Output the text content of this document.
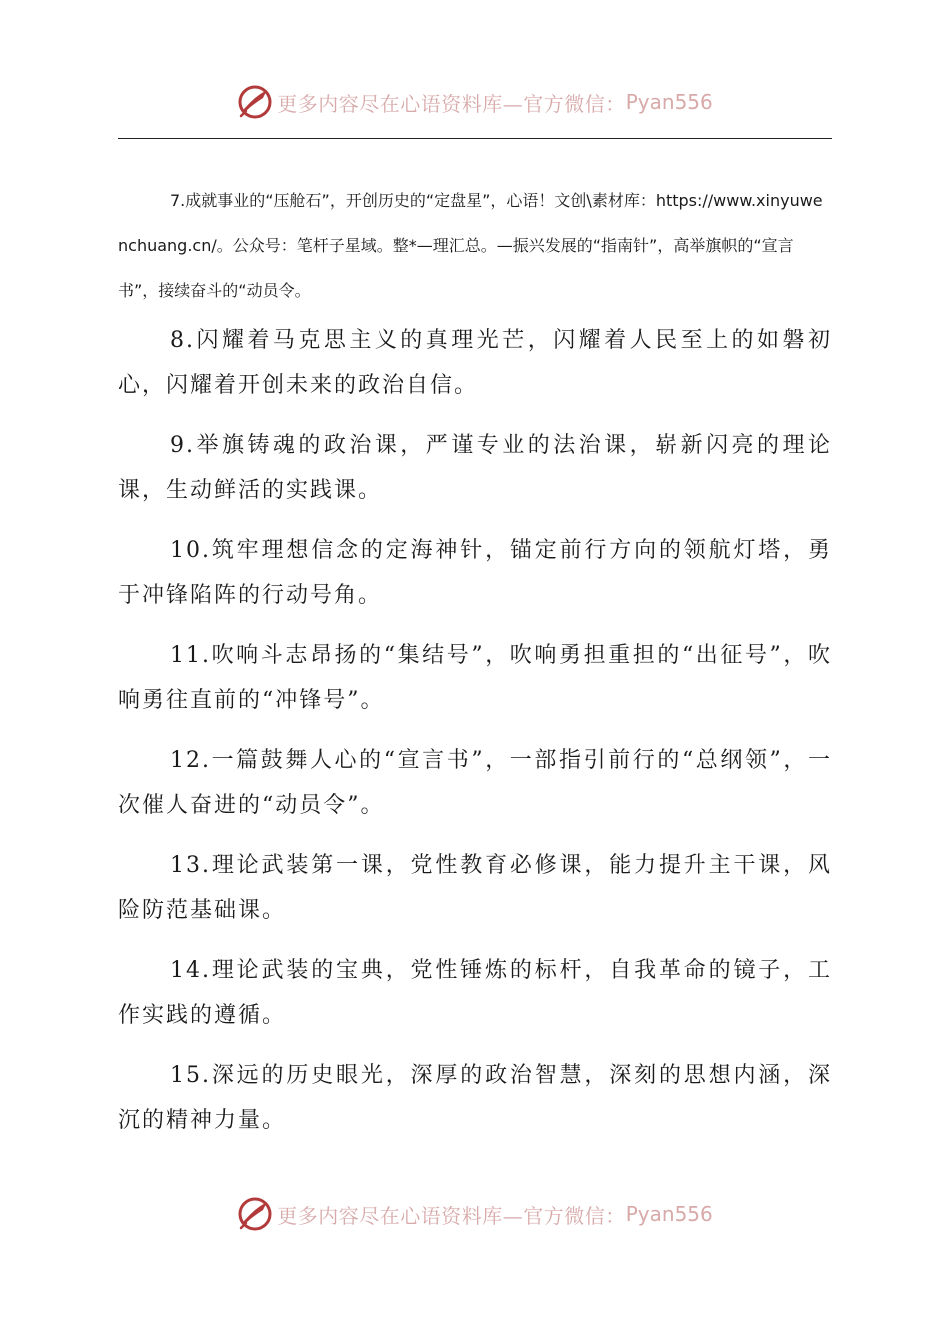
更多内容尽在心语资料库—官方微信： Pyan556

7.成就事业的“压舱石”，开创历史的“定盘星”，心语！文创\素材库：https://www.xinyuwenchuang.cn/。公众号：笔杆子星域。整*—理汇总。—振兴发展的“指南针”，高举旗帜的“宣言书”，接续奋斗的“动员令。

8.闪耀着马克思主义的真理光芒，闪耀着人民至上的如磐初心，闪耀着开创未来的政治自信。

9.举旗铸魂的政治课，严谨专业的法治课，崭新闪亮的理论课，生动鲜活的实践课。

10.筑牢理想信念的定海神针，锚定前行方向的领航灯塔，勇于冲锋陷阵的行动号角。

11.吹响斗志昂扬的“集结号”，吹响勇担重担的“出征号”，吹响勇往直前的“冲锋号”。

12.一篇鼓舞人心的“宣言书”，一部指引前行的“总纲领”，一次催人奋进的“动员令”。

13.理论武装第一课，党性教育必修课，能力提升主干课，风险防范基础课。

14.理论武装的宝典，党性锤炼的标杆，自我革命的镜子，工作实践的遵循。

15.深远的历史眼光，深厚的政治智慧，深刻的思想内涵，深沉的精神力量。

更多内容尽在心语资料库—官方微信： Pyan556
